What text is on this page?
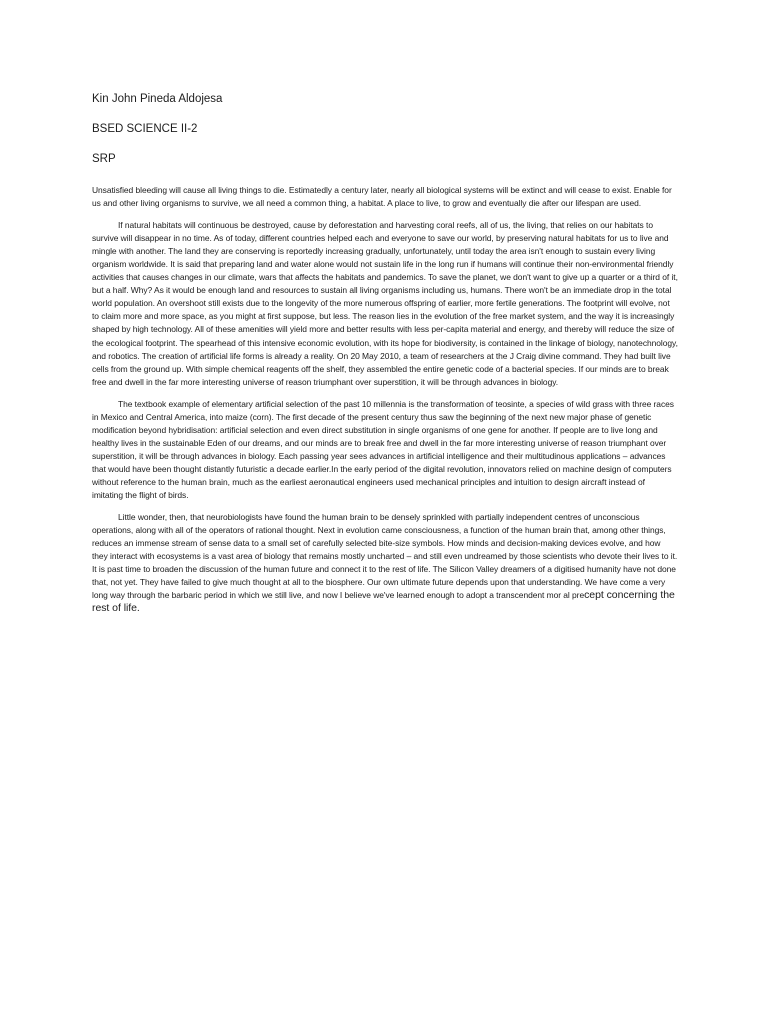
Kin John Pineda Aldojesa
BSED SCIENCE II-2
SRP

Unsatisfied bleeding will cause all living things to die. Estimatedly a century later, nearly all biological systems will be extinct and will cease to exist. Enable for us and other living organisms to survive, we all need a common thing, a habitat. A place to live, to grow and eventually die after our lifespan are used.

If natural habitats will continuous be destroyed, cause by deforestation and harvesting coral reefs, all of us, the living, that relies on our habitats to survive will disappear in no time. As of today, different countries helped each and everyone to save our world, by preserving natural habitats for us to live and mingle with another. The land they are conserving is reportedly increasing gradually, unfortunately, until today the area isn't enough to sustain every living organism worldwide. It is said that preparing land and water alone would not sustain life in the long run if humans will continue their non-environmental friendly activities that causes changes in our climate, wars that affects the habitats and pandemics. To save the planet, we don't want to give up a quarter or a third of it, but a half. Why? As it would be enough land and resources to sustain all living organisms including us, humans. There won't be an immediate drop in the total world population. An overshoot still exists due to the longevity of the more numerous offspring of earlier, more fertile generations. The footprint will evolve, not to claim more and more space, as you might at first suppose, but less. The reason lies in the evolution of the free market system, and the way it is increasingly shaped by high technology. All of these amenities will yield more and better results with less per-capita material and energy, and thereby will reduce the size of the ecological footprint. The spearhead of this intensive economic evolution, with its hope for biodiversity, is contained in the linkage of biology, nanotechnology, and robotics. The creation of artificial life forms is already a reality. On 20 May 2010, a team of researchers at the J Craig divine command. They had built live cells from the ground up. With simple chemical reagents off the shelf, they assembled the entire genetic code of a bacterial species. If our minds are to break free and dwell in the far more interesting universe of reason triumphant over superstition, it will be through advances in biology.

The textbook example of elementary artificial selection of the past 10 millennia is the transformation of teosinte, a species of wild grass with three races in Mexico and Central America, into maize (corn). The first decade of the present century thus saw the beginning of the next new major phase of genetic modification beyond hybridisation: artificial selection and even direct substitution in single organisms of one gene for another. If people are to live long and healthy lives in the sustainable Eden of our dreams, and our minds are to break free and dwell in the far more interesting universe of reason triumphant over superstition, it will be through advances in biology. Each passing year sees advances in artificial intelligence and their multitudinous applications – advances that would have been thought distantly futuristic a decade earlier.In the early period of the digital revolution, innovators relied on machine design of computers without reference to the human brain, much as the earliest aeronautical engineers used mechanical principles and intuition to design aircraft instead of imitating the flight of birds.

Little wonder, then, that neurobiologists have found the human brain to be densely sprinkled with partially independent centres of unconscious operations, along with all of the operators of rational thought. Next in evolution came consciousness, a function of the human brain that, among other things, reduces an immense stream of sense data to a small set of carefully selected bite-size symbols. How minds and decision-making devices evolve, and how they interact with ecosystems is a vast area of biology that remains mostly uncharted – and still even undreamed by those scientists who devote their lives to it. It is past time to broaden the discussion of the human future and connect it to the rest of life. The Silicon Valley dreamers of a digitised humanity have not done that, not yet. They have failed to give much thought at all to the biosphere. Our own ultimate future depends upon that understanding. We have come a very long way through the barbaric period in which we still live, and now I believe we've learned enough to adopt a transcendent mor al precept concerning the rest of life.
